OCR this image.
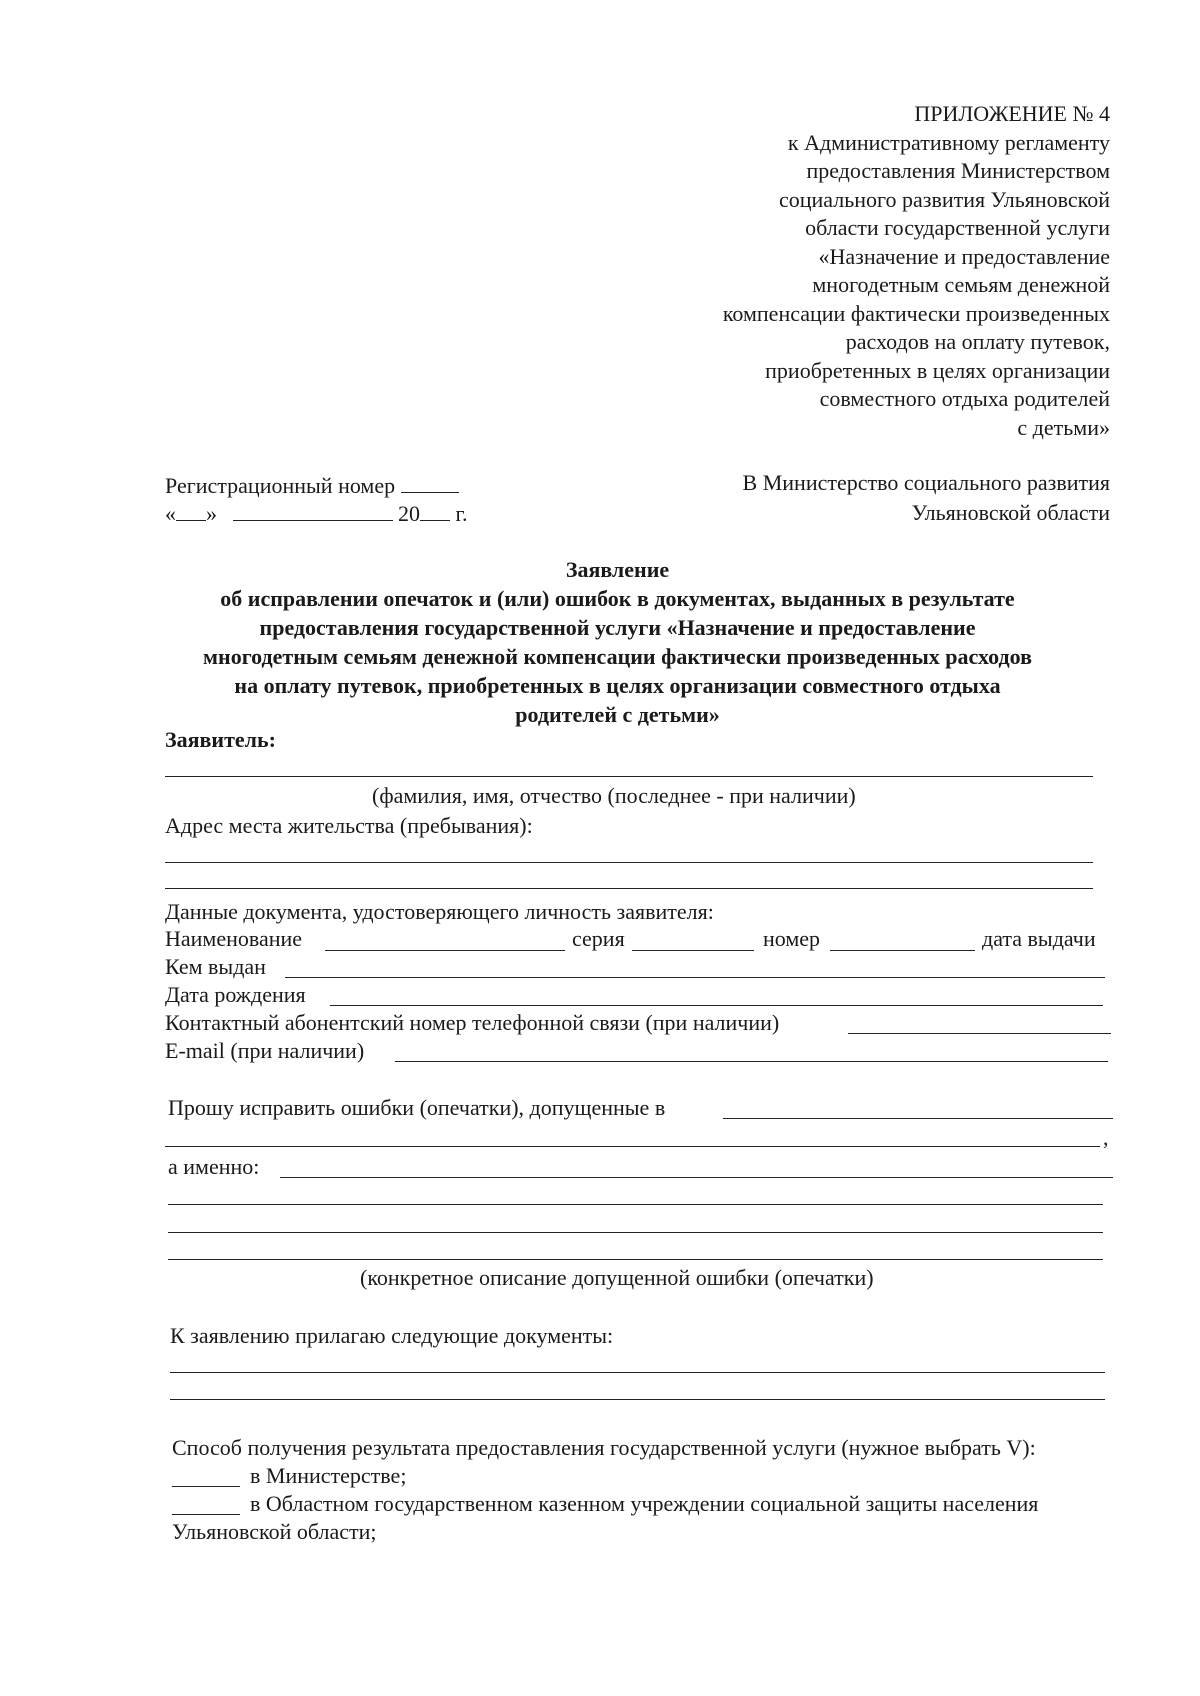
ПРИЛОЖЕНИЕ № 4
к Административному регламенту
предоставления Министерством
социального развития Ульяновской
области государственной услуги
«Назначение и предоставление
многодетным семьям денежной
компенсации фактически произведенных
расходов на оплату путевок,
приобретенных в целях организации
совместного отдыха родителей
с детьми»
Регистрационный номер
« »	20 г.
В Министерство социального развития
Ульяновской области
Заявление
об исправлении опечаток и (или) ошибок в документах, выданных в результате
предоставления государственной услуги «Назначение и предоставление
многодетным семьям денежной компенсации фактически произведенных расходов
на оплату путевок, приобретенных в целях организации совместного отдыха
родителей с детьми»
Заявитель:
(фамилия, имя, отчество (последнее - при наличии)
Адрес места жительства (пребывания):
Данные документа, удостоверяющего личность заявителя:
Наименование	серия	номер	дата выдачи
Кем выдан
Дата рождения
Контактный абонентский номер телефонной связи (при наличии)
E-mail (при наличии)
Прошу исправить ошибки (опечатки), допущенные в
,
а именно:
(конкретное описание допущенной ошибки (опечатки)
К заявлению прилагаю следующие документы:
Способ получения результата предоставления государственной услуги (нужное выбрать V):
в Министерстве;
в Областном государственном казенном учреждении социальной защиты населения
Ульяновской области;
